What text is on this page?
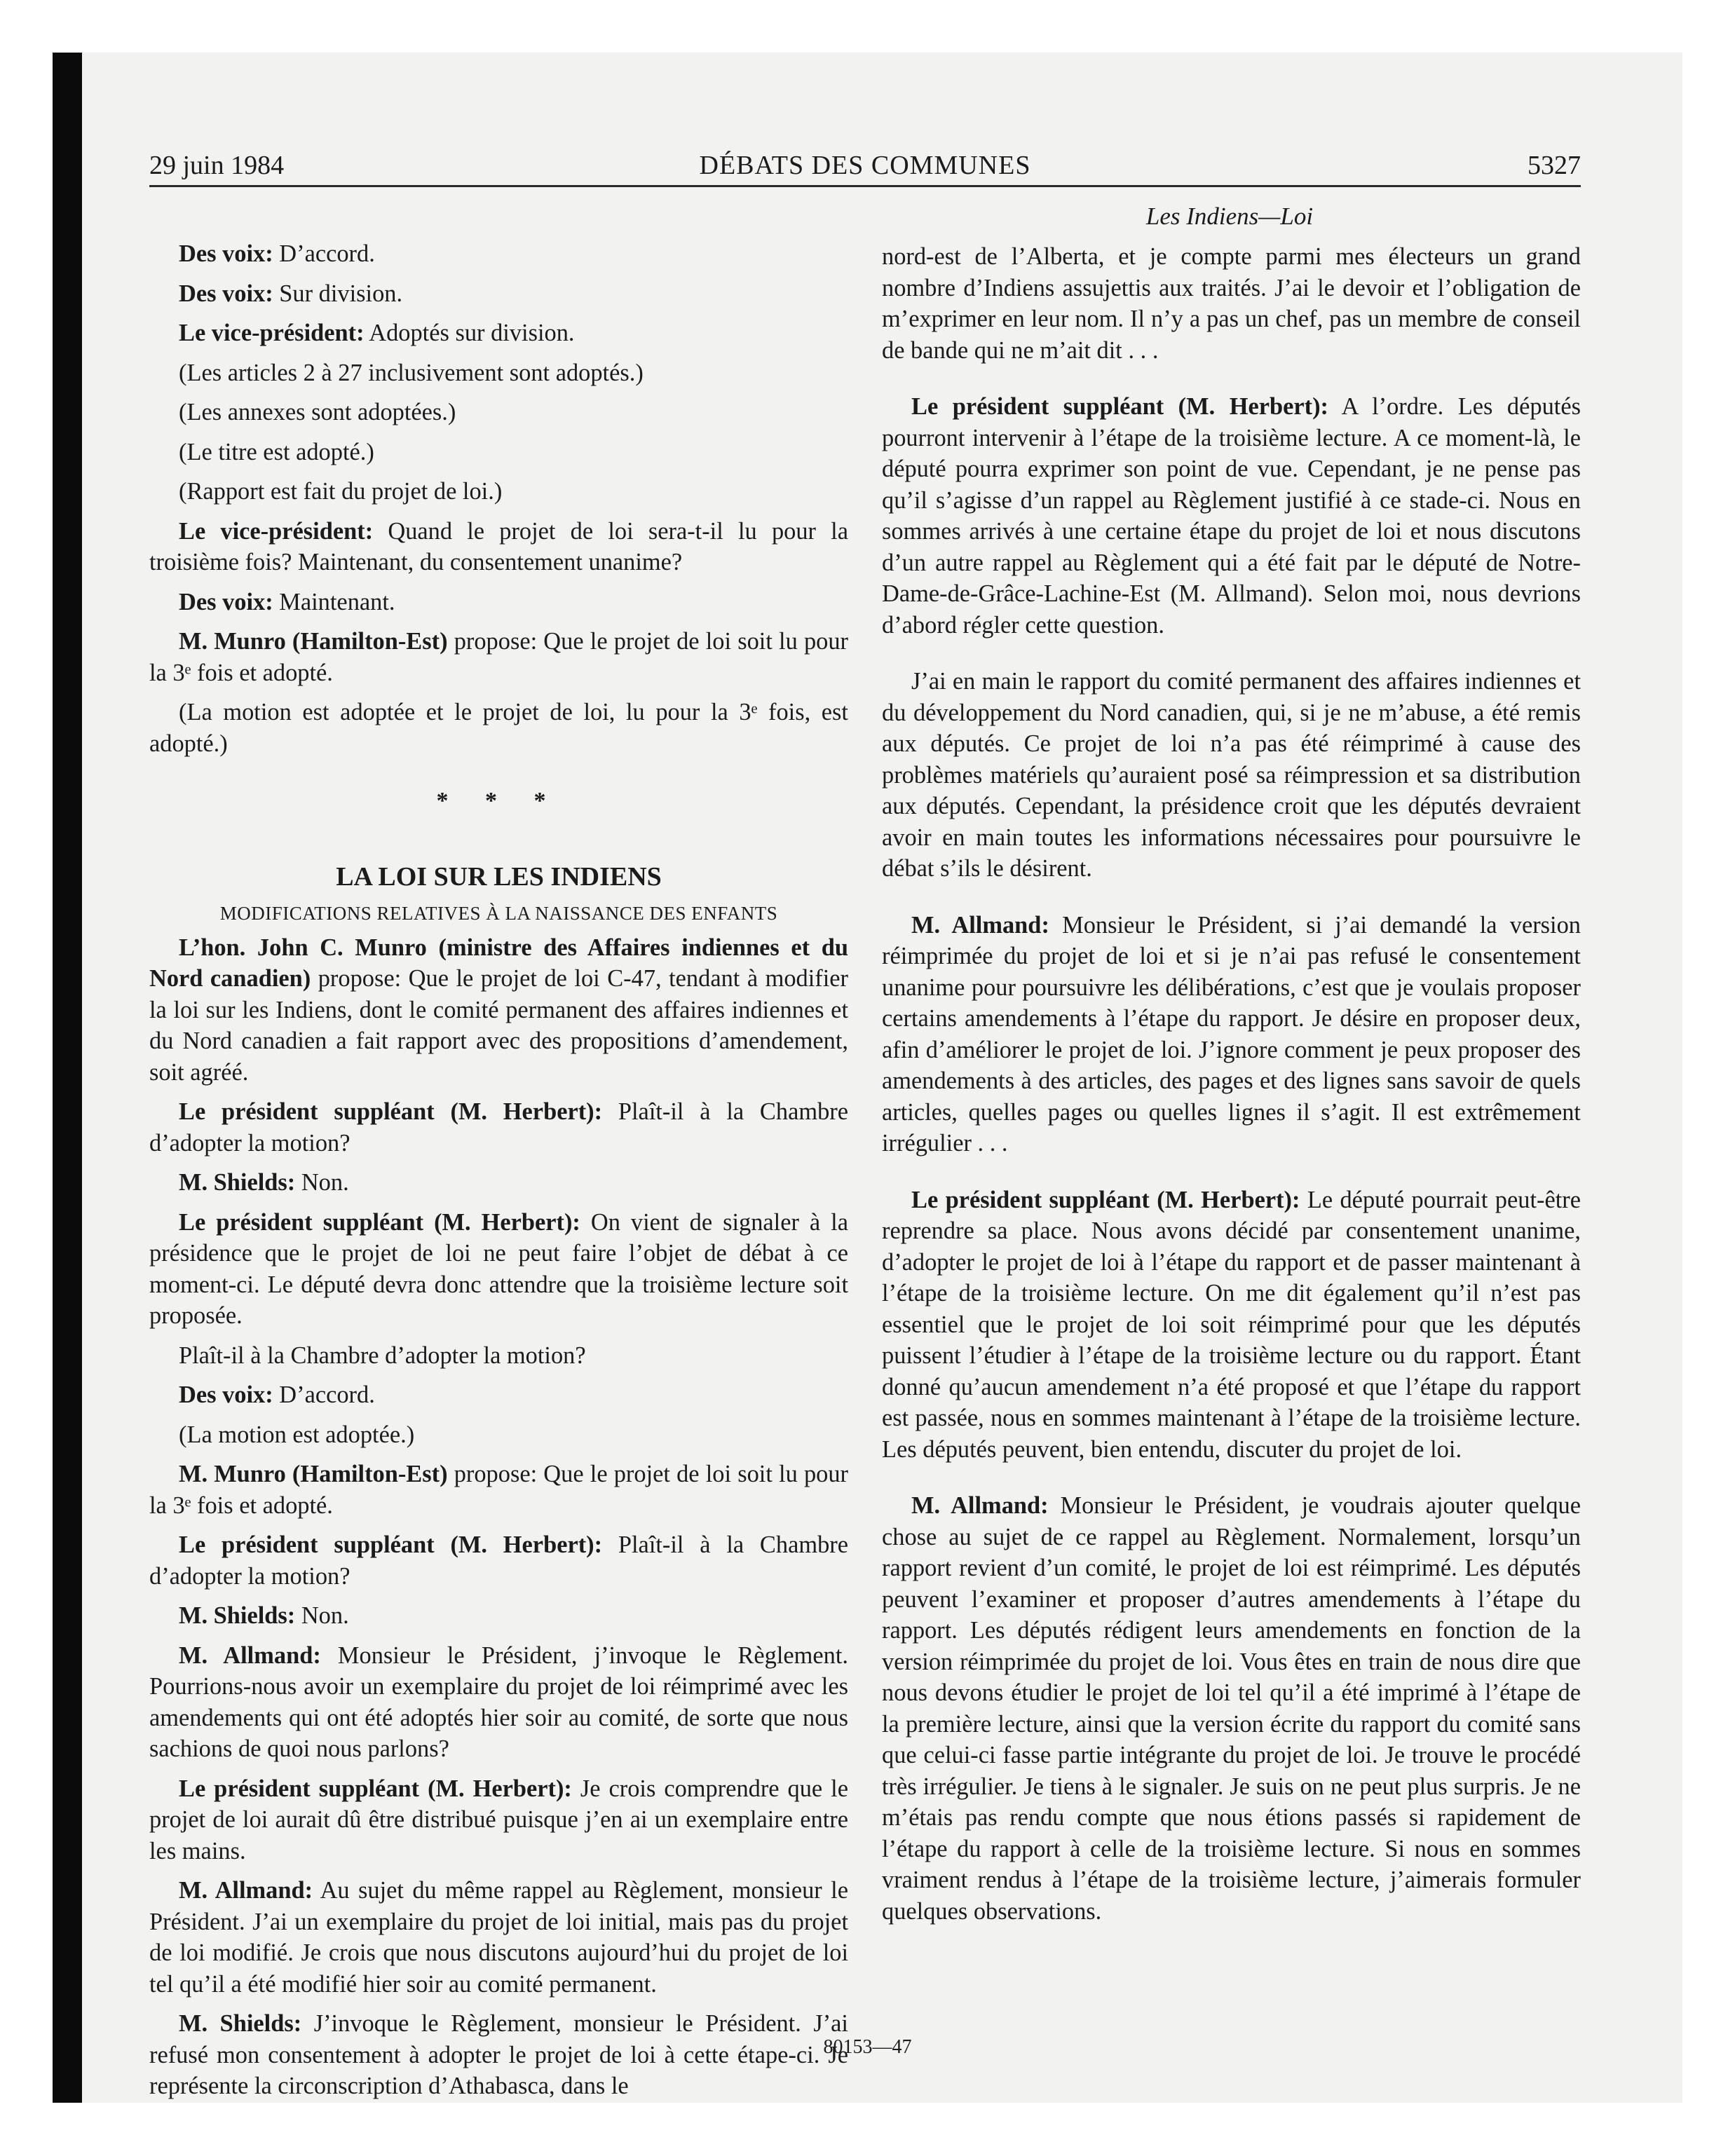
29 juin 1984	DÉBATS DES COMMUNES	5327
Les Indiens—Loi

Des voix: D’accord.

Des voix: Sur division.

Le vice-président: Adoptés sur division.

(Les articles 2 à 27 inclusivement sont adoptés.)

(Les annexes sont adoptées.)

(Le titre est adopté.)

(Rapport est fait du projet de loi.)

Le vice-président: Quand le projet de loi sera-t-il lu pour la troisième fois? Maintenant, du consentement unanime?

Des voix: Maintenant.

M. Munro (Hamilton-Est) propose: Que le projet de loi soit lu pour la 3ᵉ fois et adopté.

(La motion est adoptée et le projet de loi, lu pour la 3ᵉ fois, est adopté.)

* * *
LA LOI SUR LES INDIENS
MODIFICATIONS RELATIVES À LA NAISSANCE DES ENFANTS

L’hon. John C. Munro (ministre des Affaires indiennes et du Nord canadien) propose: Que le projet de loi C-47, tendant à modifier la loi sur les Indiens, dont le comité permanent des affaires indiennes et du Nord canadien a fait rapport avec des propositions d’amendement, soit agréé.

Le président suppléant (M. Herbert): Plaît-il à la Chambre d’adopter la motion?

M. Shields: Non.

Le président suppléant (M. Herbert): On vient de signaler à la présidence que le projet de loi ne peut faire l’objet de débat à ce moment-ci. Le député devra donc attendre que la troisième lecture soit proposée.

Plaît-il à la Chambre d’adopter la motion?

Des voix: D’accord.

(La motion est adoptée.)

M. Munro (Hamilton-Est) propose: Que le projet de loi soit lu pour la 3ᵉ fois et adopté.

Le président suppléant (M. Herbert): Plaît-il à la Chambre d’adopter la motion?

M. Shields: Non.

M. Allmand: Monsieur le Président, j’invoque le Règlement. Pourrions-nous avoir un exemplaire du projet de loi réimprimé avec les amendements qui ont été adoptés hier soir au comité, de sorte que nous sachions de quoi nous parlons?

Le président suppléant (M. Herbert): Je crois comprendre que le projet de loi aurait dû être distribué puisque j’en ai un exemplaire entre les mains.

M. Allmand: Au sujet du même rappel au Règlement, monsieur le Président. J’ai un exemplaire du projet de loi initial, mais pas du projet de loi modifié. Je crois que nous discutons aujourd’hui du projet de loi tel qu’il a été modifié hier soir au comité permanent.

M. Shields: J’invoque le Règlement, monsieur le Président. J’ai refusé mon consentement à adopter le projet de loi à cette étape-ci. Je représente la circonscription d’Athabasca, dans le

nord-est de l’Alberta, et je compte parmi mes électeurs un grand nombre d’Indiens assujettis aux traités. J’ai le devoir et l’obligation de m’exprimer en leur nom. Il n’y a pas un chef, pas un membre de conseil de bande qui ne m’ait dit . . .

Le président suppléant (M. Herbert): A l’ordre. Les députés pourront intervenir à l’étape de la troisième lecture. A ce moment-là, le député pourra exprimer son point de vue. Cependant, je ne pense pas qu’il s’agisse d’un rappel au Règlement justifié à ce stade-ci. Nous en sommes arrivés à une certaine étape du projet de loi et nous discutons d’un autre rappel au Règlement qui a été fait par le député de Notre-Dame-de-Grâce-Lachine-Est (M. Allmand). Selon moi, nous devrions d’abord régler cette question.

J’ai en main le rapport du comité permanent des affaires indiennes et du développement du Nord canadien, qui, si je ne m’abuse, a été remis aux députés. Ce projet de loi n’a pas été réimprimé à cause des problèmes matériels qu’auraient posé sa réimpression et sa distribution aux députés. Cependant, la présidence croit que les députés devraient avoir en main toutes les informations nécessaires pour poursuivre le débat s’ils le désirent.

M. Allmand: Monsieur le Président, si j’ai demandé la version réimprimée du projet de loi et si je n’ai pas refusé le consentement unanime pour poursuivre les délibérations, c’est que je voulais proposer certains amendements à l’étape du rapport. Je désire en proposer deux, afin d’améliorer le projet de loi. J’ignore comment je peux proposer des amendements à des articles, des pages et des lignes sans savoir de quels articles, quelles pages ou quelles lignes il s’agit. Il est extrêmement irrégulier . . .

Le président suppléant (M. Herbert): Le député pourrait peut-être reprendre sa place. Nous avons décidé par consentement unanime, d’adopter le projet de loi à l’étape du rapport et de passer maintenant à l’étape de la troisième lecture. On me dit également qu’il n’est pas essentiel que le projet de loi soit réimprimé pour que les députés puissent l’étudier à l’étape de la troisième lecture ou du rapport. Étant donné qu’aucun amendement n’a été proposé et que l’étape du rapport est passée, nous en sommes maintenant à l’étape de la troisième lecture. Les députés peuvent, bien entendu, discuter du projet de loi.

M. Allmand: Monsieur le Président, je voudrais ajouter quelque chose au sujet de ce rappel au Règlement. Normalement, lorsqu’un rapport revient d’un comité, le projet de loi est réimprimé. Les députés peuvent l’examiner et proposer d’autres amendements à l’étape du rapport. Les députés rédigent leurs amendements en fonction de la version réimprimée du projet de loi. Vous êtes en train de nous dire que nous devons étudier le projet de loi tel qu’il a été imprimé à l’étape de la première lecture, ainsi que la version écrite du rapport du comité sans que celui-ci fasse partie intégrante du projet de loi. Je trouve le procédé très irrégulier. Je tiens à le signaler. Je suis on ne peut plus surpris. Je ne m’étais pas rendu compte que nous étions passés si rapidement de l’étape du rapport à celle de la troisième lecture. Si nous en sommes vraiment rendus à l’étape de la troisième lecture, j’aimerais formuler quelques observations.

80153—47
